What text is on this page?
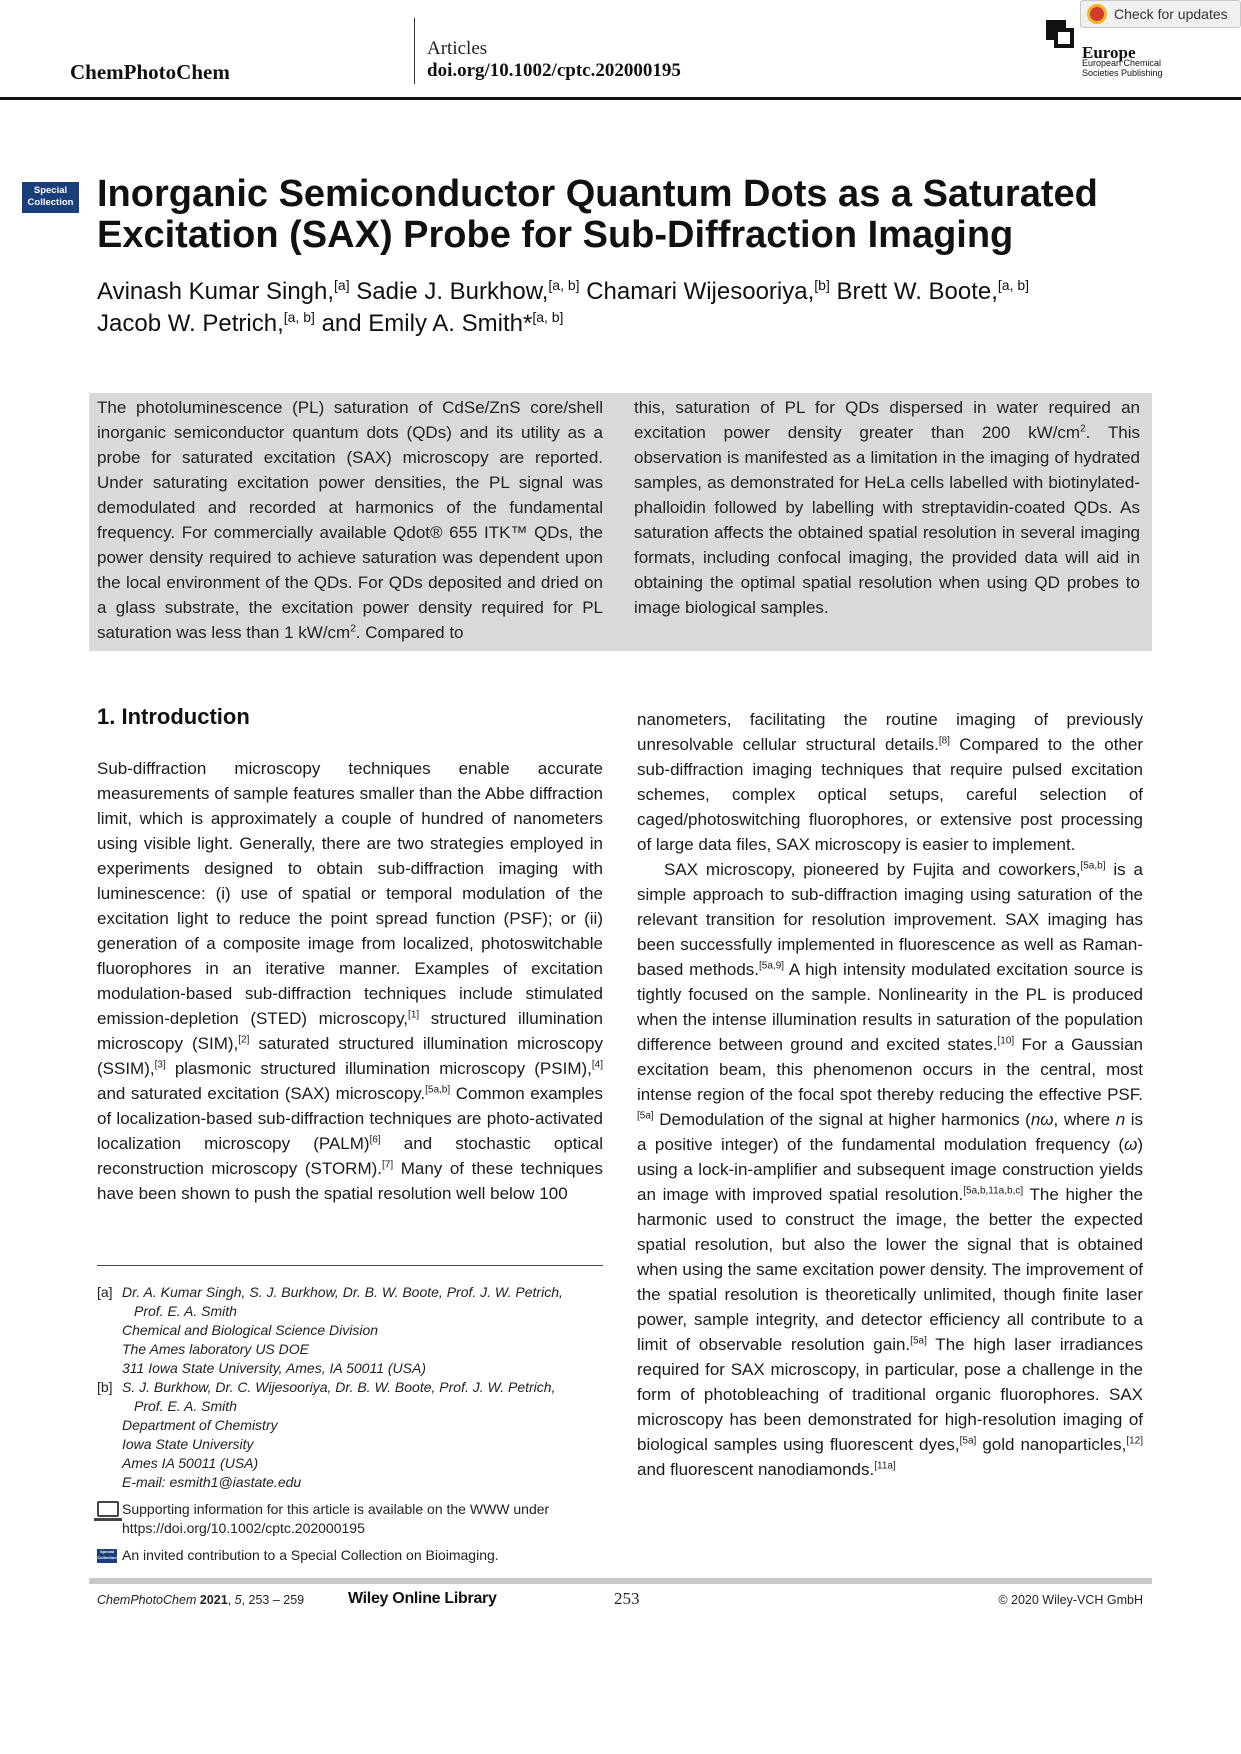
ChemPhotoChem
Articles
doi.org/10.1002/cptc.202000195
Europe
European Chemical Societies Publishing
Check for updates
Special
Collection Inorganic Semiconductor Quantum Dots as a Saturated
Excitation (SAX) Probe for Sub-Diffraction Imaging
Avinash Kumar Singh,[a] Sadie J. Burkhow,[a, b] Chamari Wijesooriya,[b] Brett W. Boote,[a, b]
Jacob W. Petrich,[a, b] and Emily A. Smith*[a, b]
The photoluminescence (PL) saturation of CdSe/ZnS core/shell inorganic semiconductor quantum dots (QDs) and its utility as a probe for saturated excitation (SAX) microscopy are reported. Under saturating excitation power densities, the PL signal was demodulated and recorded at harmonics of the fundamental frequency. For commercially available Qdot® 655 ITK™ QDs, the power density required to achieve saturation was dependent upon the local environment of the QDs. For QDs deposited and dried on a glass substrate, the excitation power density required for PL saturation was less than 1 $kW/cm^2$. Compared to
this, saturation of PL for QDs dispersed in water required an excitation power density greater than 200 $kW/cm^2$. This observation is manifested as a limitation in the imaging of hydrated samples, as demonstrated for HeLa cells labelled with biotinylated-phalloidin followed by labelling with streptavidin-coated QDs. As saturation affects the obtained spatial resolution in several imaging formats, including confocal imaging, the provided data will aid in obtaining the optimal spatial resolution when using QD probes to image biological samples.
1. Introduction

Sub-diffraction microscopy techniques enable accurate measurements of sample features smaller than the Abbe diffraction limit, which is approximately a couple of hundred of nanometers using visible light. Generally, there are two strategies employed in experiments designed to obtain sub-diffraction imaging with luminescence: (i) use of spatial or temporal modulation of the excitation light to reduce the point spread function (PSF); or (ii) generation of a composite image from localized, photoswitchable fluorophores in an iterative manner. Examples of excitation modulation-based sub-diffraction techniques include stimulated emission-depletion (STED) microscopy,[1] structured illumination microscopy (SIM),[2] saturated structured illumination microscopy (SSIM),[3] plasmonic structured illumination microscopy (PSIM),[4] and saturated excitation (SAX) microscopy.[5a,b] Common examples of localization-based sub-diffraction techniques are photo-activated localization microscopy (PALM)[6] and stochastic optical reconstruction microscopy (STORM).[7] Many of these techniques have been shown to push the spatial resolution well below 100

nanometers, facilitating the routine imaging of previously unresolvable cellular structural details.[8] Compared to the other sub-diffraction imaging techniques that require pulsed excitation schemes, complex optical setups, careful selection of caged/photoswitching fluorophores, or extensive post processing of large data files, SAX microscopy is easier to implement.

SAX microscopy, pioneered by Fujita and coworkers,[5a,b] is a simple approach to sub-diffraction imaging using saturation of the relevant transition for resolution improvement. SAX imaging has been successfully implemented in fluorescence as well as Raman-based methods.[5a,9] A high intensity modulated excitation source is tightly focused on the sample. Nonlinearity in the PL is produced when the intense illumination results in saturation of the population difference between ground and excited states.[10] For a Gaussian excitation beam, this phenomenon occurs in the central, most intense region of the focal spot thereby reducing the effective PSF.[5a] Demodulation of the signal at higher harmonics (nω, where n is a positive integer) of the fundamental modulation frequency (ω) using a lock-in-amplifier and subsequent image construction yields an image with improved spatial resolution.[5a,b,11a,b,c] The higher the harmonic used to construct the image, the better the expected spatial resolution, but also the lower the signal that is obtained when using the same excitation power density. The improvement of the spatial resolution is theoretically unlimited, though finite laser power, sample integrity, and detector efficiency all contribute to a limit of observable resolution gain.[5a] The high laser irradiances required for SAX microscopy, in particular, pose a challenge in the form of photobleaching of traditional organic fluorophores. SAX microscopy has been demonstrated for high-resolution imaging of biological samples using fluorescent dyes,[5a] gold nanoparticles,[12] and fluorescent nanodiamonds.[11a]

[a] Dr. A. Kumar Singh, S. J. Burkhow, Dr. B. W. Boote, Prof. J. W. Petrich,
Prof. E. A. Smith
Chemical and Biological Science Division
The Ames laboratory US DOE
311 Iowa State University, Ames, IA 50011 (USA)
[b] S. J. Burkhow, Dr. C. Wijesooriya, Dr. B. W. Boote, Prof. J. W. Petrich,
Prof. E. A. Smith
Department of Chemistry
Iowa State University
Ames IA 50011 (USA)
E-mail: esmith1@iastate.edu
Supporting information for this article is available on the WWW under
https://doi.org/10.1002/cptc.202000195
Special Collection An invited contribution to a Special Collection on Bioimaging.
ChemPhotoChem 2021, 5, 253 – 259	Wiley Online Library	253	© 2020 Wiley-VCH GmbH
